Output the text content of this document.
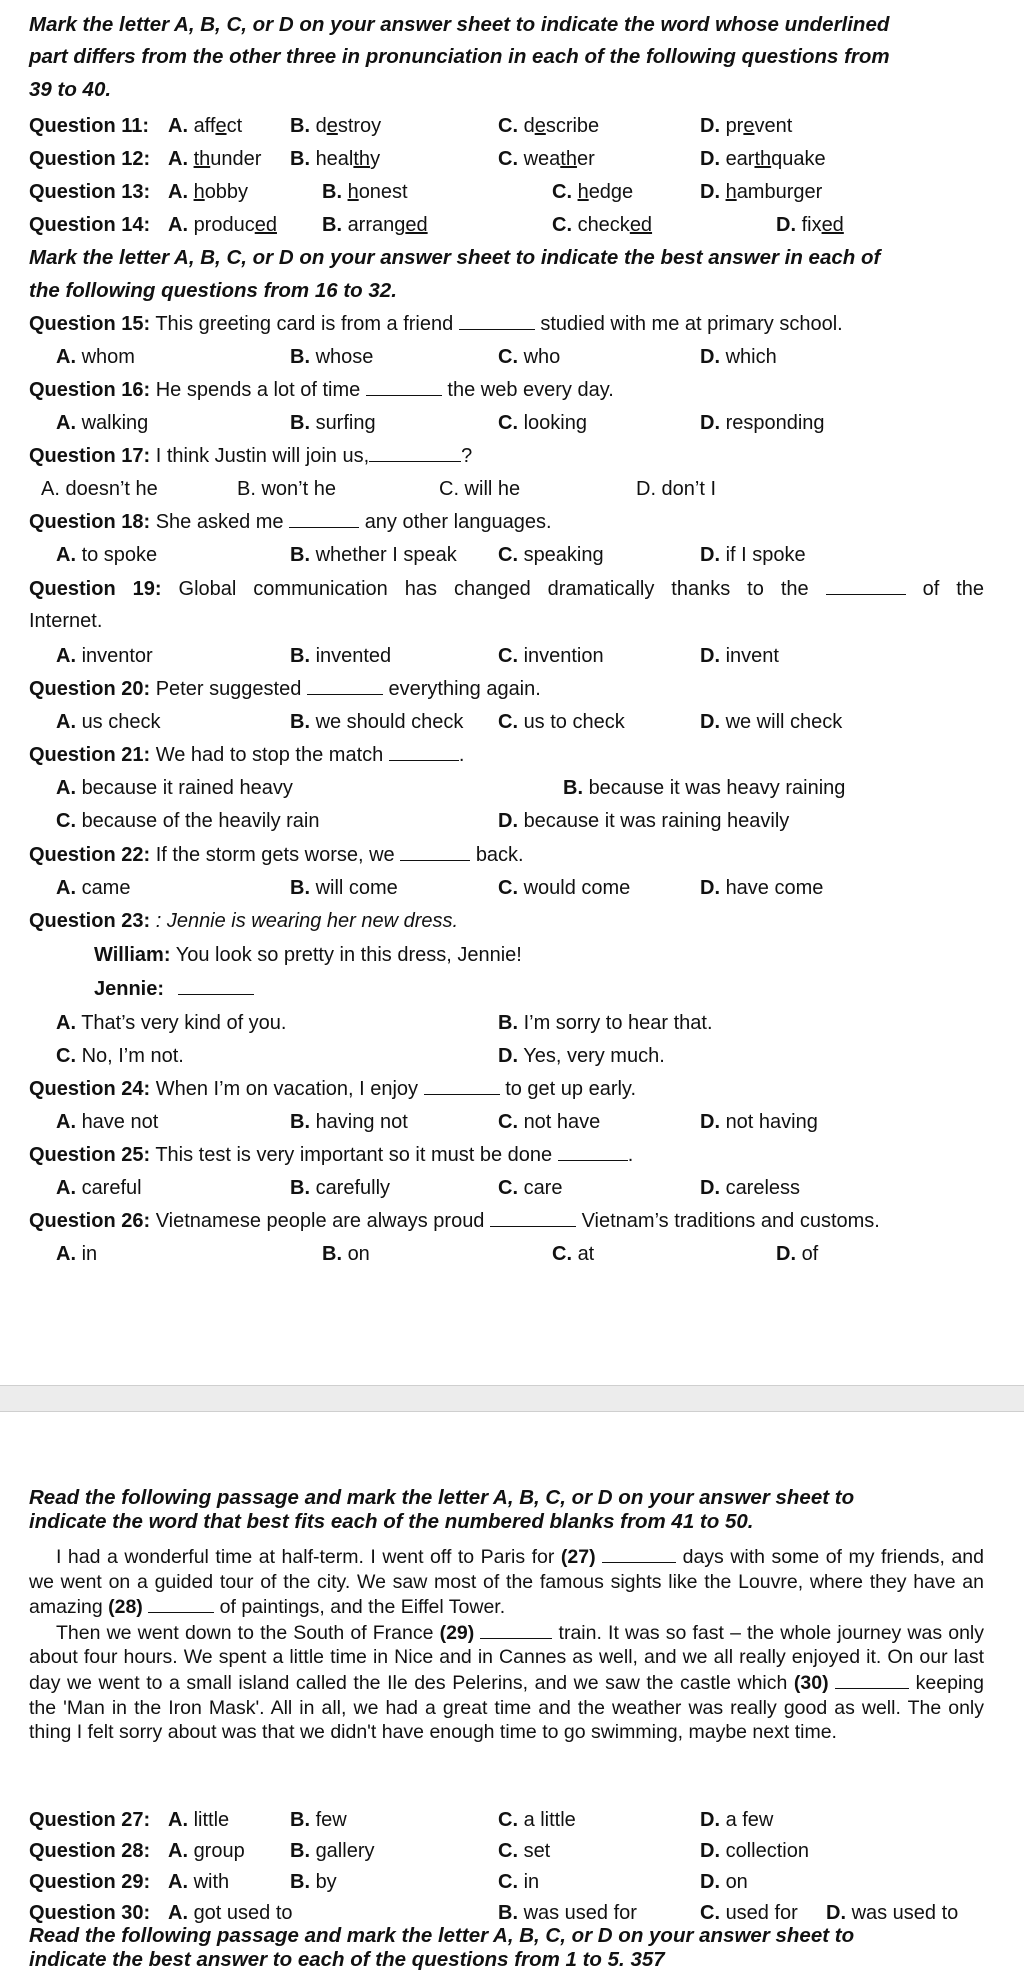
Mark the letter A, B, C, or D on your answer sheet to indicate the word whose underlined
part differs from the other three in pronunciation in each of the following questions from
39 to 40.
Question 11: A. affect B. destroy	C. describe	D. prevent
Question 12: A. thunder B. healthy	C. weather	D. earthquake
Question 13: A. hobby	B. honest	C. hedge	D. hamburger
Question 14: A. produced B. arranged	C. checked	D. fixed
Mark the letter A, B, C, or D on your answer sheet to indicate the best answer in each of
the following questions from 16 to 32.
Question 15: This greeting card is from a friend	studied with me at primary school.
A. whom	B. whose	C. who	D. which
Question 16: He spends a lot of time	the web every day.
A. walking	B. surfing	C. looking	D. responding
Question 17: I think Justin will join us,	?
A. doesn’t he	B. won’t he	C. will he	D. don’t I
Question 18: She asked me	any other languages.
A. to spoke	B. whether I speak C. speaking	D. if I spoke
Question 19: Global communication has changed dramatically thanks to the	of the
Internet.
A. inventor	B. invented	C. invention	D. invent
Question 20: Peter suggested	everything again.
A. us check	B. we should check C. us to check	D. we will check
Question 21: We had to stop the match	.
A. because it rained heavy	B. because it was heavy raining
C. because of the heavily rain	D. because it was raining heavily
Question 22: If the storm gets worse, we	back.
A. came	B. will come	C. would come	D. have come
Question 23: : Jennie is wearing her new dress.
William: You look so pretty in this dress, Jennie!
Jennie:
A. That’s very kind of you.	B. I’m sorry to hear that.
C. No, I’m not.	D. Yes, very much.
Question 24: When I’m on vacation, I enjoy	to get up early.
A. have not	B. having not	C. not have	D. not having
Question 25: This test is very important so it must be done	.
A. careful	B. carefully	C. care	D. careless
Question 26: Vietnamese people are always proud	Vietnam’s traditions and customs.
A. in	B. on	C. at	D. of
Read the following passage and mark the letter A, B, C, or D on your answer sheet to
indicate the word that best fits each of the numbered blanks from 41 to 50.

I had a wonderful time at half-term. I went off to Paris for (27)	days with some of my friends, and we went on a guided tour of the city. We saw most of the famous sights like the Louvre, where they have an amazing (28)	of paintings, and the Eiffel Tower.

Then we went down to the South of France (29)	train. It was so fast – the whole journey was only about four hours. We spent a little time in Nice and in Cannes as well, and we all really enjoyed it. On our last day we went to a small island called the Ile des Pelerins, and we saw the castle which (30)	keeping the 'Man in the Iron Mask'. All in all, we had a great time and the weather was really good as well. The only thing I felt sorry about was that we didn't have enough time to go swimming, maybe next time.

Question 27: A. little	B. few	C. a little	D. a few
Question 28: A. group B. gallery	C. set	D. collection
Question 29: A. with	B. by	C. in	D. on
Question 30: A. got used to	B. was used for	C. used for D. was used to
Read the following passage and mark the letter A, B, C, or D on your answer sheet to
indicate the best answer to each of the questions from 1 to 5. 357
